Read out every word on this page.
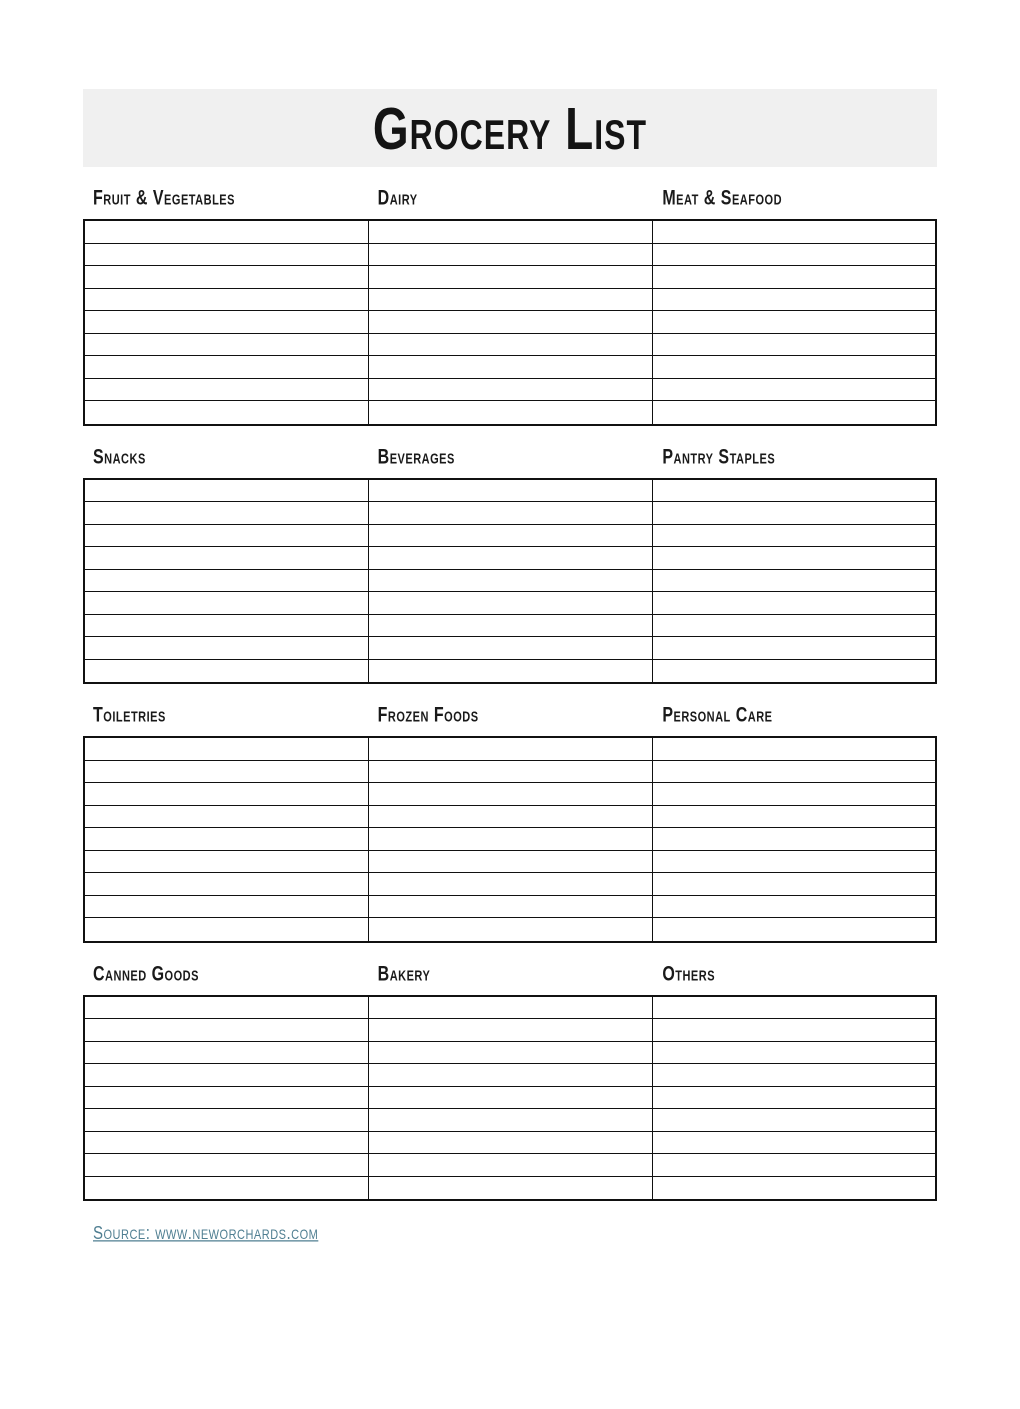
Grocery List
Fruit & Vegetables	Dairy	Meat & Seafood
Snacks	Beverages	Pantry Staples
Toiletries	Frozen Foods	Personal Care
Canned Goods	Bakery	Others
Source: www.neworchards.com
